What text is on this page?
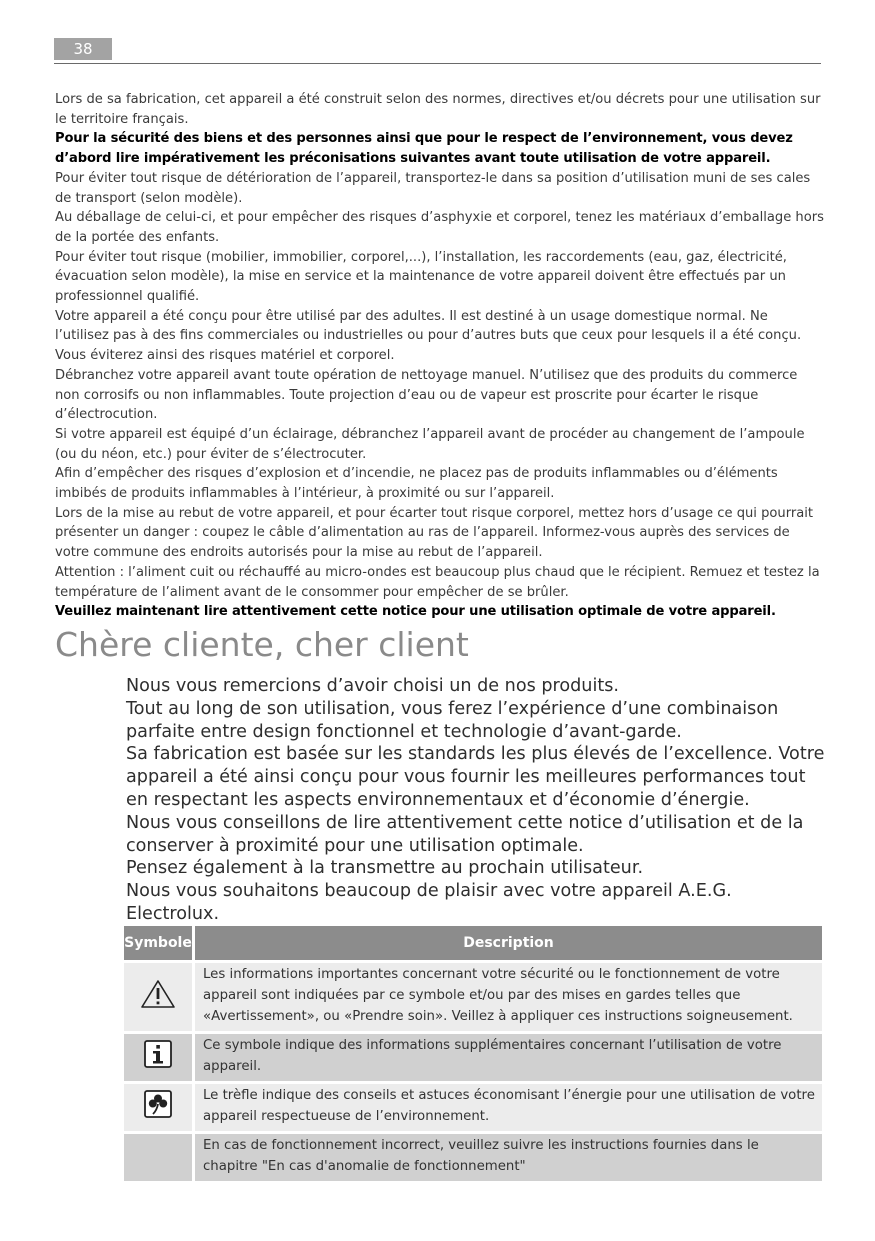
38

Lors de sa fabrication, cet appareil a été construit selon des normes, directives et/ou décrets pour une utilisation sur le territoire français.

Pour la sécurité des biens et des personnes ainsi que pour le respect de l’environnement, vous devez d’abord lire impérativement les préconisations suivantes avant toute utilisation de votre appareil.

Pour éviter tout risque de détérioration de l’appareil, transportez-le dans sa position d’utilisation muni de ses cales de transport (selon modèle).

Au déballage de celui-ci, et pour empêcher des risques d’asphyxie et corporel, tenez les matériaux d’emballage hors de la portée des enfants.

Pour éviter tout risque (mobilier, immobilier, corporel,...), l’installation, les raccordements (eau, gaz, électricité, évacuation selon modèle), la mise en service et la maintenance de votre appareil doivent être effectués par un professionnel qualifié.

Votre appareil a été conçu pour être utilisé par des adultes. Il est destiné à un usage domestique normal. Ne l’utilisez pas à des fins commerciales ou industrielles ou pour d’autres buts que ceux pour lesquels il a été conçu. Vous éviterez ainsi des risques matériel et corporel.

Débranchez votre appareil avant toute opération de nettoyage manuel. N’utilisez que des produits du commerce non corrosifs ou non inflammables. Toute projection d’eau ou de vapeur est proscrite pour écarter le risque d’électrocution.

Si votre appareil est équipé d’un éclairage, débranchez l’appareil avant de procéder au changement de l’ampoule (ou du néon, etc.) pour éviter de s’électrocuter.

Afin d’empêcher des risques d’explosion et d’incendie, ne placez pas de produits inflammables ou d’éléments imbibés de produits inflammables à l’intérieur, à proximité ou sur l’appareil.

Lors de la mise au rebut de votre appareil, et pour écarter tout risque corporel, mettez hors d’usage ce qui pourrait présenter un danger : coupez le câble d’alimentation au ras de l’appareil. Informez-vous auprès des services de votre commune des endroits autorisés pour la mise au rebut de l’appareil.

Attention : l’aliment cuit ou réchauffé au micro-ondes est beaucoup plus chaud que le récipient. Remuez et testez la température de l’aliment avant de le consommer pour empêcher de se brûler.

Veuillez maintenant lire attentivement cette notice pour une utilisation optimale de votre appareil.

Chère cliente, cher client

Nous vous remercions d’avoir choisi un de nos produits.

Tout au long de son utilisation, vous ferez l’expérience d’une combinaison parfaite entre design fonctionnel et technologie d’avant-garde.

Sa fabrication est basée sur les standards les plus élevés de l’excellence. Votre appareil a été ainsi conçu pour vous fournir les meilleures performances tout en respectant les aspects environnementaux et d’économie d’énergie.

Nous vous conseillons de lire attentivement cette notice d’utilisation et de la conserver à proximité pour une utilisation optimale.

Pensez également à la transmettre au prochain utilisateur.

Nous vous souhaitons beaucoup de plaisir avec votre appareil A.E.G. Electrolux.

Symbole	Description
	Les informations importantes concernant votre sécurité ou le fonctionnement de votre appareil sont indiquées par ce symbole et/ou par des mises en gardes telles que «Avertissement», ou «Prendre soin». Veillez à appliquer ces instructions soigneusement.
	Ce symbole indique des informations supplémentaires concernant l’utilisation de votre appareil.
	Le trèfle indique des conseils et astuces économisant l’énergie pour une utilisation de votre appareil respectueuse de l’environnement.
	En cas de fonctionnement incorrect, veuillez suivre les instructions fournies dans le chapitre "En cas d'anomalie de fonctionnement"
